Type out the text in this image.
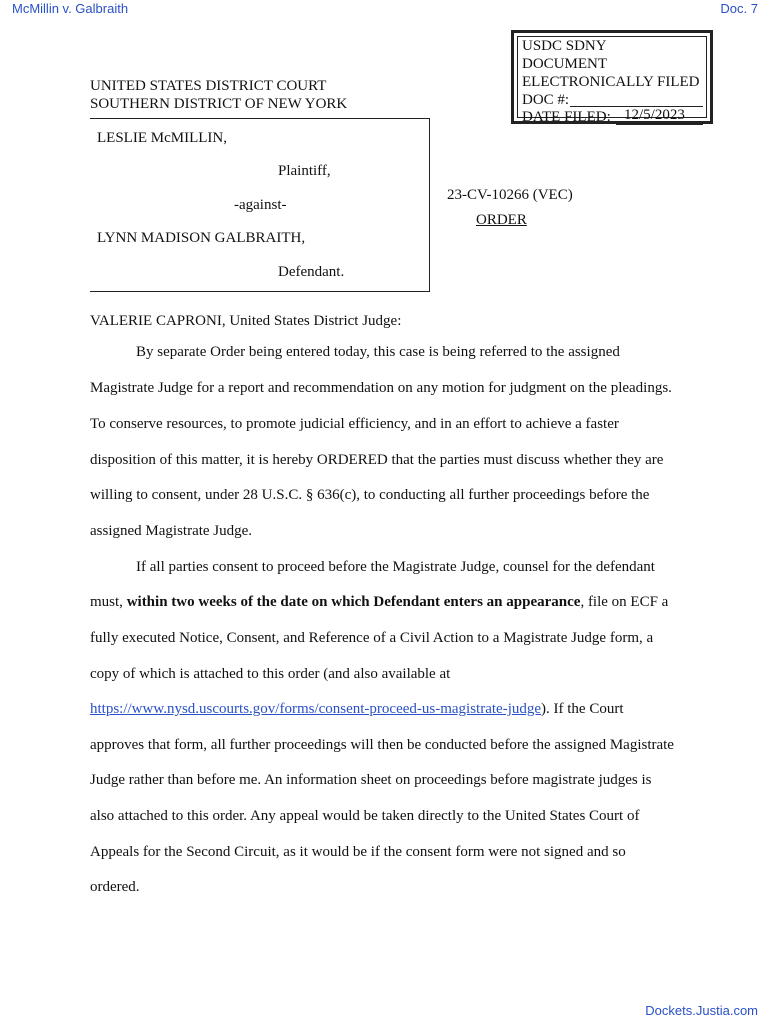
McMillin v. Galbraith	Doc. 7
USDC SDNY
DOCUMENT
ELECTRONICALLY FILED
DOC #:
DATE FILED: 12/5/2023
UNITED STATES DISTRICT COURT
SOUTHERN DISTRICT OF NEW YORK
LESLIE McMILLIN,
Plaintiff,
-against-
LYNN MADISON GALBRAITH,
Defendant.
23-CV-10266 (VEC)
ORDER
VALERIE CAPRONI, United States District Judge:
By separate Order being entered today, this case is being referred to the assigned
Magistrate Judge for a report and recommendation on any motion for judgment on the pleadings.
To conserve resources, to promote judicial efficiency, and in an effort to achieve a faster
disposition of this matter, it is hereby ORDERED that the parties must discuss whether they are
willing to consent, under 28 U.S.C. § 636(c), to conducting all further proceedings before the
assigned Magistrate Judge.
If all parties consent to proceed before the Magistrate Judge, counsel for the defendant
must, within two weeks of the date on which Defendant enters an appearance, file on ECF a
fully executed Notice, Consent, and Reference of a Civil Action to a Magistrate Judge form, a
copy of which is attached to this order (and also available at
https://www.nysd.uscourts.gov/forms/consent-proceed-us-magistrate-judge). If the Court
approves that form, all further proceedings will then be conducted before the assigned Magistrate
Judge rather than before me. An information sheet on proceedings before magistrate judges is
also attached to this order. Any appeal would be taken directly to the United States Court of
Appeals for the Second Circuit, as it would be if the consent form were not signed and so
ordered.
Dockets.Justia.com
